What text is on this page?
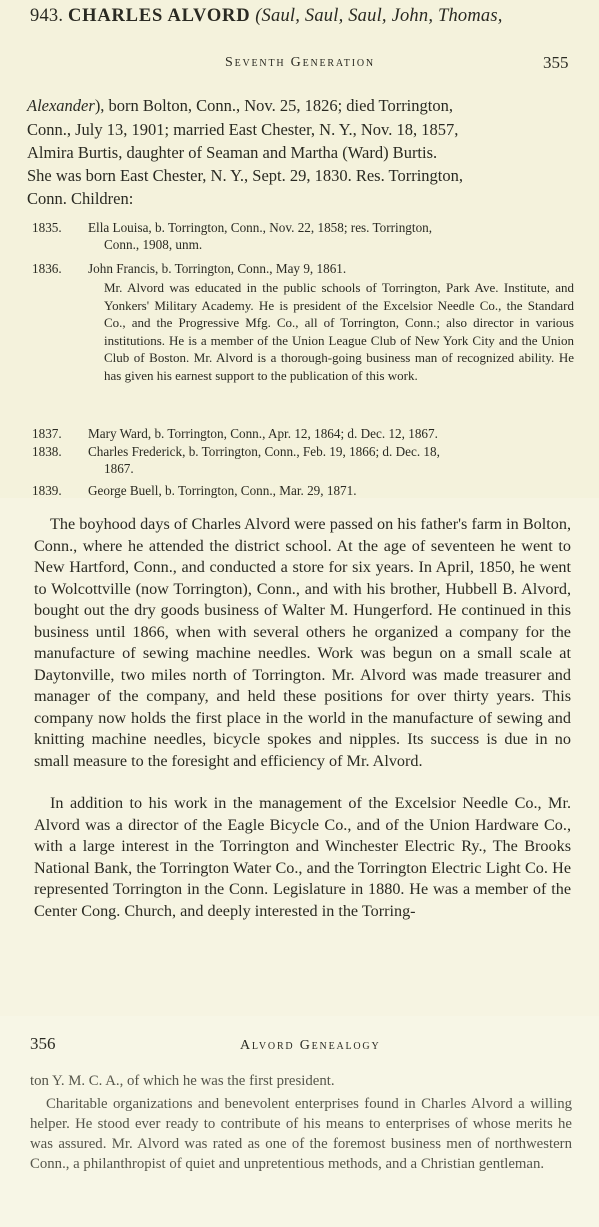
943. CHARLES ALVORD (Saul, Saul, Saul, John, Thomas,
Seventh Generation	355
Alexander), born Bolton, Conn., Nov. 25, 1826; died Torrington,
Conn., July 13, 1901; married East Chester, N. Y., Nov. 18, 1857,
Almira Burtis, daughter of Seaman and Martha (Ward) Burtis.
She was born East Chester, N. Y., Sept. 29, 1830. Res. Torrington,
Conn. Children:
1835. Ella Louisa, b. Torrington, Conn., Nov. 22, 1858; res. Torrington,
Conn., 1908, unm.
1836. John Francis, b. Torrington, Conn., May 9, 1861.
Mr. Alvord was educated in the public schools of Torrington, Park Ave. Institute, and Yonkers' Military Academy. He is president of the Excelsior Needle Co., the Standard Co., and the Progressive Mfg. Co., all of Torrington, Conn.; also director in various institutions. He is a member of the Union League Club of New York City and the Union Club of Boston. Mr. Alvord is a thorough-going business man of recognized ability. He has given his earnest support to the publication of this work.
1837. Mary Ward, b. Torrington, Conn., Apr. 12, 1864; d. Dec. 12, 1867.
1838. Charles Frederick, b. Torrington, Conn., Feb. 19, 1866; d. Dec. 18,
1867.
1839. George Buell, b. Torrington, Conn., Mar. 29, 1871.

The boyhood days of Charles Alvord were passed on his father's farm in Bolton, Conn., where he attended the district school. At the age of seventeen he went to New Hartford, Conn., and conducted a store for six years. In April, 1850, he went to Wolcottville (now Torrington), Conn., and with his brother, Hubbell B. Alvord, bought out the dry goods business of Walter M. Hungerford. He continued in this business until 1866, when with several others he organized a company for the manufacture of sewing machine needles. Work was begun on a small scale at Daytonville, two miles north of Torrington. Mr. Alvord was made treasurer and manager of the company, and held these positions for over thirty years. This company now holds the first place in the world in the manufacture of sewing and knitting machine needles, bicycle spokes and nipples. Its success is due in no small measure to the foresight and efficiency of Mr. Alvord.

In addition to his work in the management of the Excelsior Needle Co., Mr. Alvord was a director of the Eagle Bicycle Co., and of the Union Hardware Co., with a large interest in the Torrington and Winchester Electric Ry., The Brooks National Bank, the Torrington Water Co., and the Torrington Electric Light Co. He represented Torrington in the Conn. Legislature in 1880. He was a member of the Center Cong. Church, and deeply interested in the Torring-

356	Alvord Genealogy
ton Y. M. C. A., of which he was the first president.

Charitable organizations and benevolent enterprises found in Charles Alvord a willing helper. He stood ever ready to contribute of his means to enterprises of whose merits he was assured. Mr. Alvord was rated as one of the foremost business men of northwestern Conn., a philanthropist of quiet and unpretentious methods, and a Christian gentleman.
